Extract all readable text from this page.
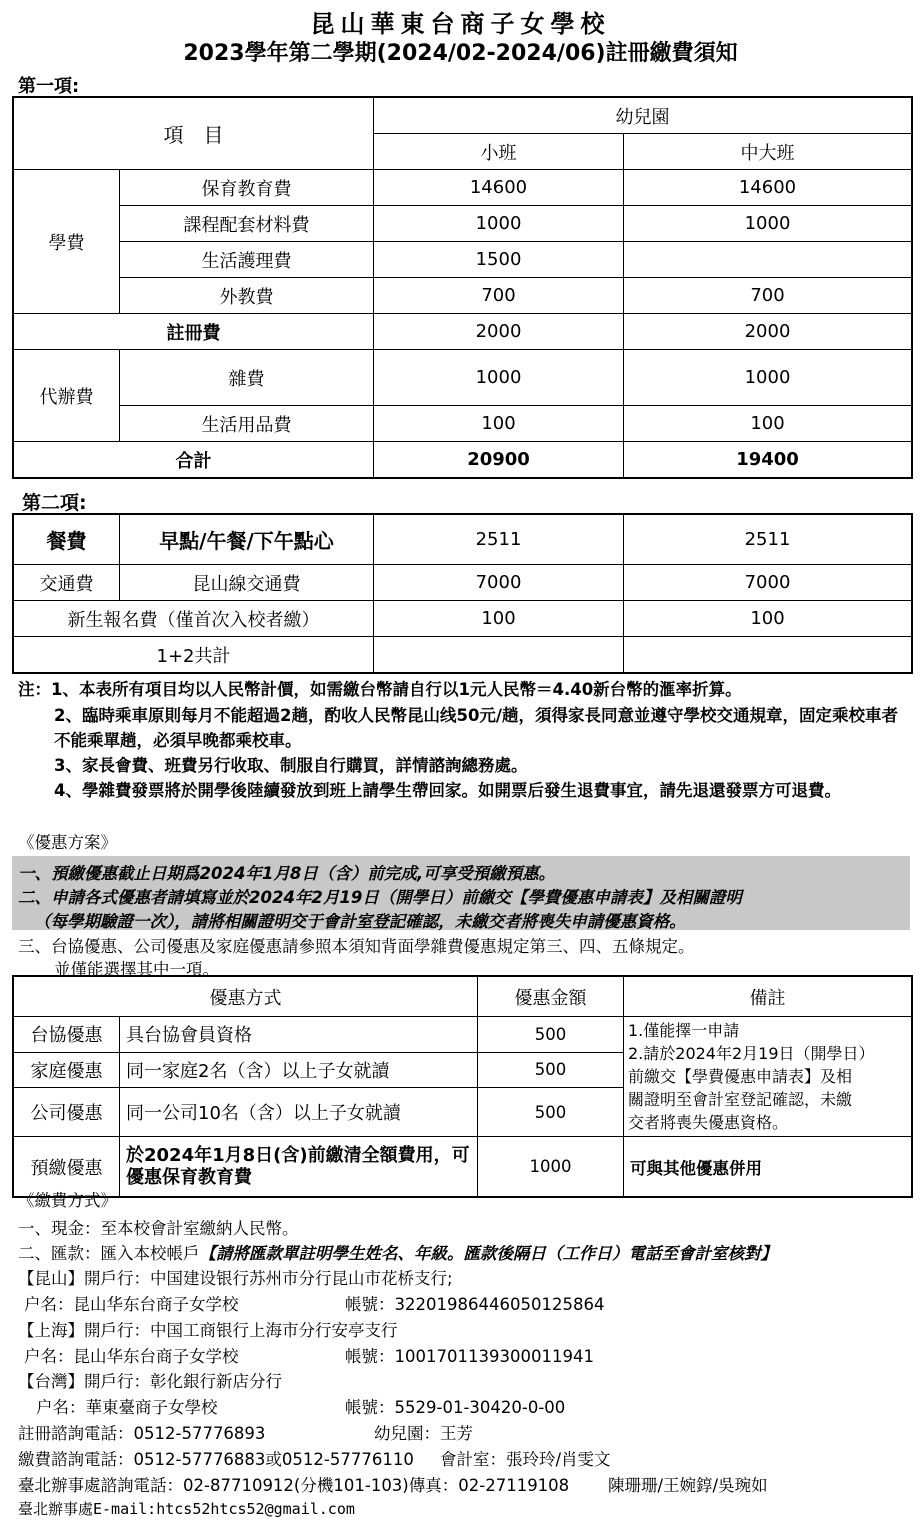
昆山華東台商子女學校
2023學年第二學期(2024/02-2024/06)註冊繳費須知
第一項:
項　目		幼兒園	
		小班	中大班
學費	保育教育費	14600	14600
	課程配套材料費	1000	1000
	生活護理費	1500	
	外教費	700	700
註冊費		2000	2000
代辦費	雜費	1000	1000
	生活用品費	100	100
合計		20900	19400
第二項:
餐費	早點/午餐/下午點心	2511	2511
交通費	昆山線交通費	7000	7000
新生報名費（僅首次入校者繳）		100	100
1+2共計			
注：1、本表所有項目均以人民幣計價，如需繳台幣請自行以1元人民幣＝4.40新台幣的滙率折算。
2、臨時乘車原則每月不能超過2趟，酌收人民幣昆山线50元/趟，須得家長同意並遵守學校交通規章，固定乘校車者不能乘單趟，必須早晚都乘校車。
3、家長會費、班費另行收取、制服自行購買，詳情諮詢總務處。
4、學雜費發票將於開學後陸續發放到班上請學生帶回家。如開票后發生退費事宜，請先退還發票方可退費。
《優惠方案》
一、預繳優惠截止日期爲2024年1月8日（含）前完成,可享受預繳預惠。
二、申請各式優惠者請填寫並於2024年2月19日（開學日）前繳交【學費優惠申請表】及相關證明
（每學期驗證一次），請將相關證明交于會計室登記確認，未繳交者將喪失申請優惠資格。
三、台協優惠、公司優惠及家庭優惠請參照本須知背面學雜費優惠規定第三、四、五條規定。
並僅能選擇其中一項。
優惠方式		優惠金額	備註
台協優惠	具台協會員資格	500	1.僅能擇一申請
2.請於2024年2月19日（開學日）
前繳交【學費優惠申請表】及相
關證明至會計室登記確認，未繳
交者將喪失優惠資格。

家庭優惠	同一家庭2名（含）以上子女就讀	500	
公司優惠	同一公司10名（含）以上子女就讀	500	
預繳優惠	於2024年1月8日(含)前繳清全額費用，可優惠保育教育費	1000	可與其他優惠併用
《繳費方式》
一、現金：至本校會計室繳納人民幣。
二、匯款：匯入本校帳戶【請將匯款單註明學生姓名、年級。匯款後隔日（工作日）電話至會計室核對】
【昆山】開戶行：中国建设银行苏州市分行昆山市花桥支行;
户名：昆山华东台商子女学校	帳號：32201986446050125864
【上海】開戶行：中国工商银行上海市分行安亭支行
户名：昆山华东台商子女学校	帳號：1001701139300011941
【台灣】開戶行：彰化銀行新店分行
户名：華東臺商子女學校	帳號：5529-01-30420-0-00
註冊諮詢電話：0512-57776893	幼兒園：王芳
繳費諮詢電話：0512-57776883或0512-57776110 會計室：張玲玲/肖雯文
臺北辦事處諮詢電話：02-87710912(分機101-103)傳真：02-27119108 陳珊珊/王婉錞/吳琬如
臺北辦事處E-mail:htcs52htcs52@gmail.com
